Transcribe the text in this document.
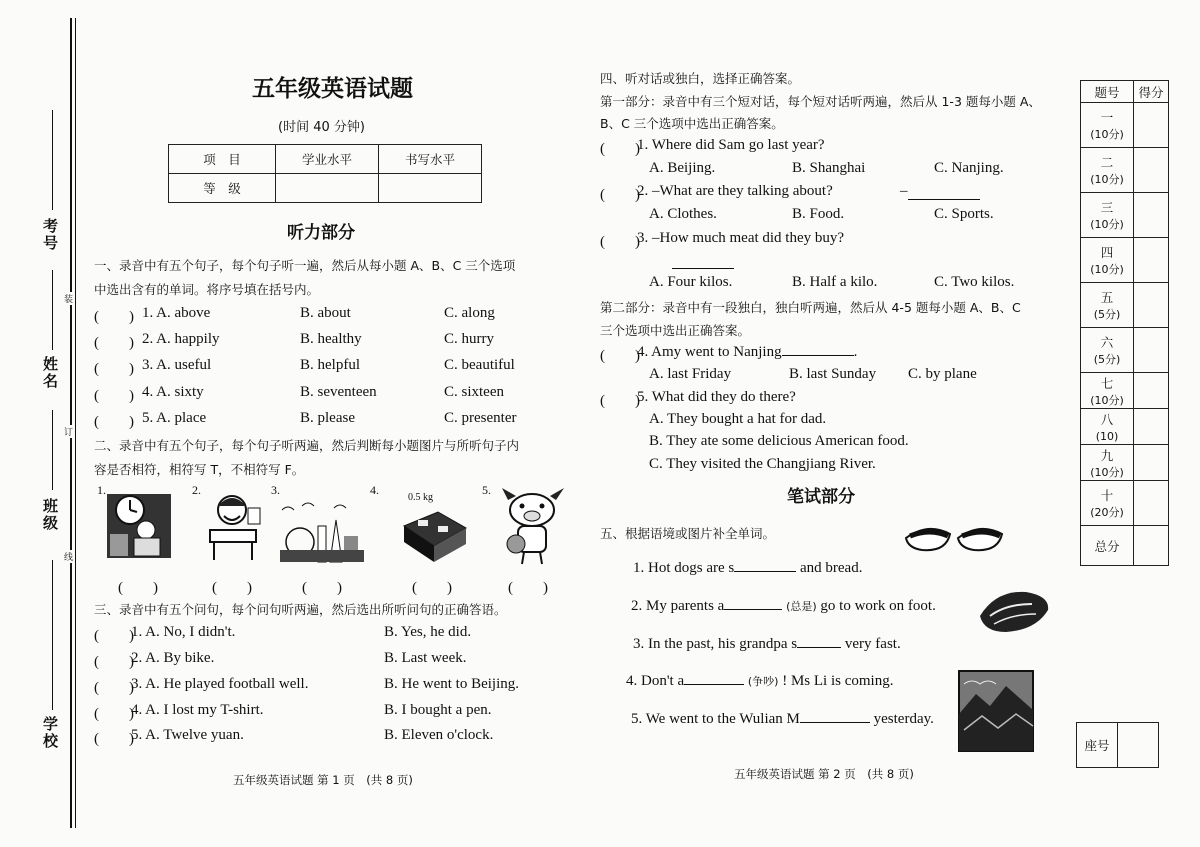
考号
姓名
班级
学校
装
订
线
五年级英语试题
(时间 40 分钟)
项　目	学业水平	书写水平
等　级		
听力部分
一、录音中有五个句子，每个句子听一遍，然后从每小题 A、B、C 三个选项
中选出含有的单词。将序号填在括号内。
(　　) 1. A. above	B. about	C. along
(　　) 2. A. happily	B. healthy	C. hurry
(　　) 3. A. useful	B. helpful	C. beautiful
(　　) 4. A. sixty	B. seventeen	C. sixteen
(　　) 5. A. place	B. please	C. presenter
二、录音中有五个句子，每个句子听两遍，然后判断每小题图片与所听句子内
容是否相符，相符写 T，不相符写 F。
1.	2.	3.	4.	5.
0.5 kg
(　　)	(　　)	(　　)	(　　)	(　　)
三、录音中有五个问句，每个问句听两遍，然后选出所听问句的正确答语。
(　　)
1. A. No, I didn't.	B. Yes, he did.
(　　)
2. A. By bike.	B. Last week.
(　　)
3. A. He played football well.	B. He went to Beijing.
(　　)
4. A. I lost my T-shirt.	B. I bought a pen.
(　　)
5. A. Twelve yuan.	B. Eleven o'clock.
五年级英语试题 第 1 页　(共 8 页)
四、听对话或独白，选择正确答案。
第一部分：录音中有三个短对话，每个短对话听两遍，然后从 1-3 题每小题 A、
B、C 三个选项中选出正确答案。
(　　)
1. Where did Sam go last year?
A. Beijing.	B. Shanghai	C. Nanjing.
(　　)
2. –What are they talking about?	–
A. Clothes.	B. Food.	C. Sports.
(　　)
3. –How much meat did they buy?
A. Four kilos.	B. Half a kilo.	C. Two kilos.
第二部分：录音中有一段独白，独白听两遍，然后从 4-5 题每小题 A、B、C
三个选项中选出正确答案。
(　　)
4. Amy went to Nanjing	.
A. last Friday	B. last Sunday C. by plane
(　　)
5. What did they do there?
A. They bought a hat for dad.
B. They ate some delicious American food.
C. They visited the Changjiang River.
笔试部分
五、根据语境或图片补全单词。
1. Hot dogs are s	and bread.
2. My parents a	(总是) go to work on foot.
3. In the past, his grandpa s	very fast.
4. Don't a	(争吵) ! Ms Li is coming.
5. We went to the Wulian M	yesterday.
五年级英语试题 第 2 页　(共 8 页)
题号	得分
一
(10分)	
二
(10分)	
三
(10分)	
四
(10分)	
五
(5分)	
六
(5分)	
七
(10分)	
八
(10)	
九
(10分)	
十
(20分)	
总分	
座号	
